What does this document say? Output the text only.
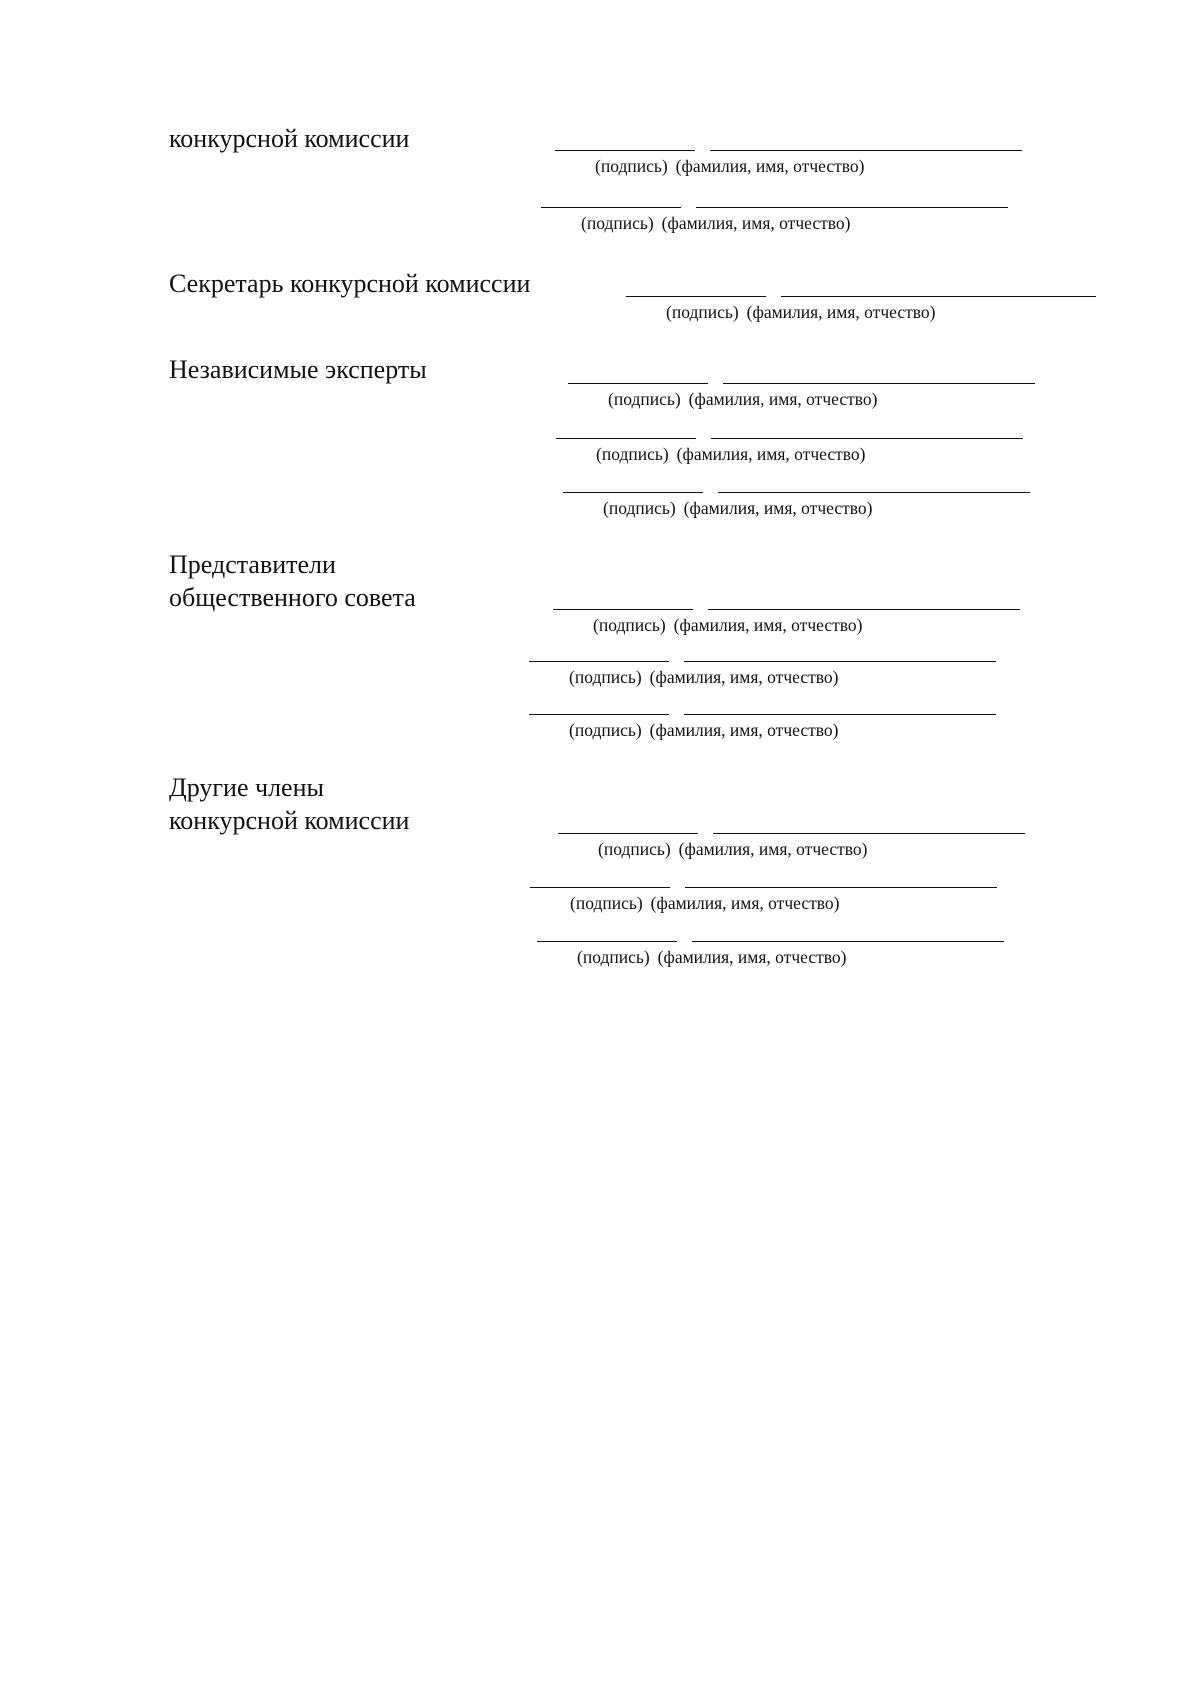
конкурсной комиссии
(подпись) (фамилия, имя, отчество)
(подпись) (фамилия, имя, отчество)
Секретарь конкурсной комиссии
(подпись) (фамилия, имя, отчество)
Независимые эксперты
(подпись) (фамилия, имя, отчество)
(подпись) (фамилия, имя, отчество)
(подпись) (фамилия, имя, отчество)
Представители
общественного совета
(подпись) (фамилия, имя, отчество)
(подпись) (фамилия, имя, отчество)
(подпись) (фамилия, имя, отчество)
Другие члены
конкурсной комиссии
(подпись) (фамилия, имя, отчество)
(подпись) (фамилия, имя, отчество)
(подпись) (фамилия, имя, отчество)
